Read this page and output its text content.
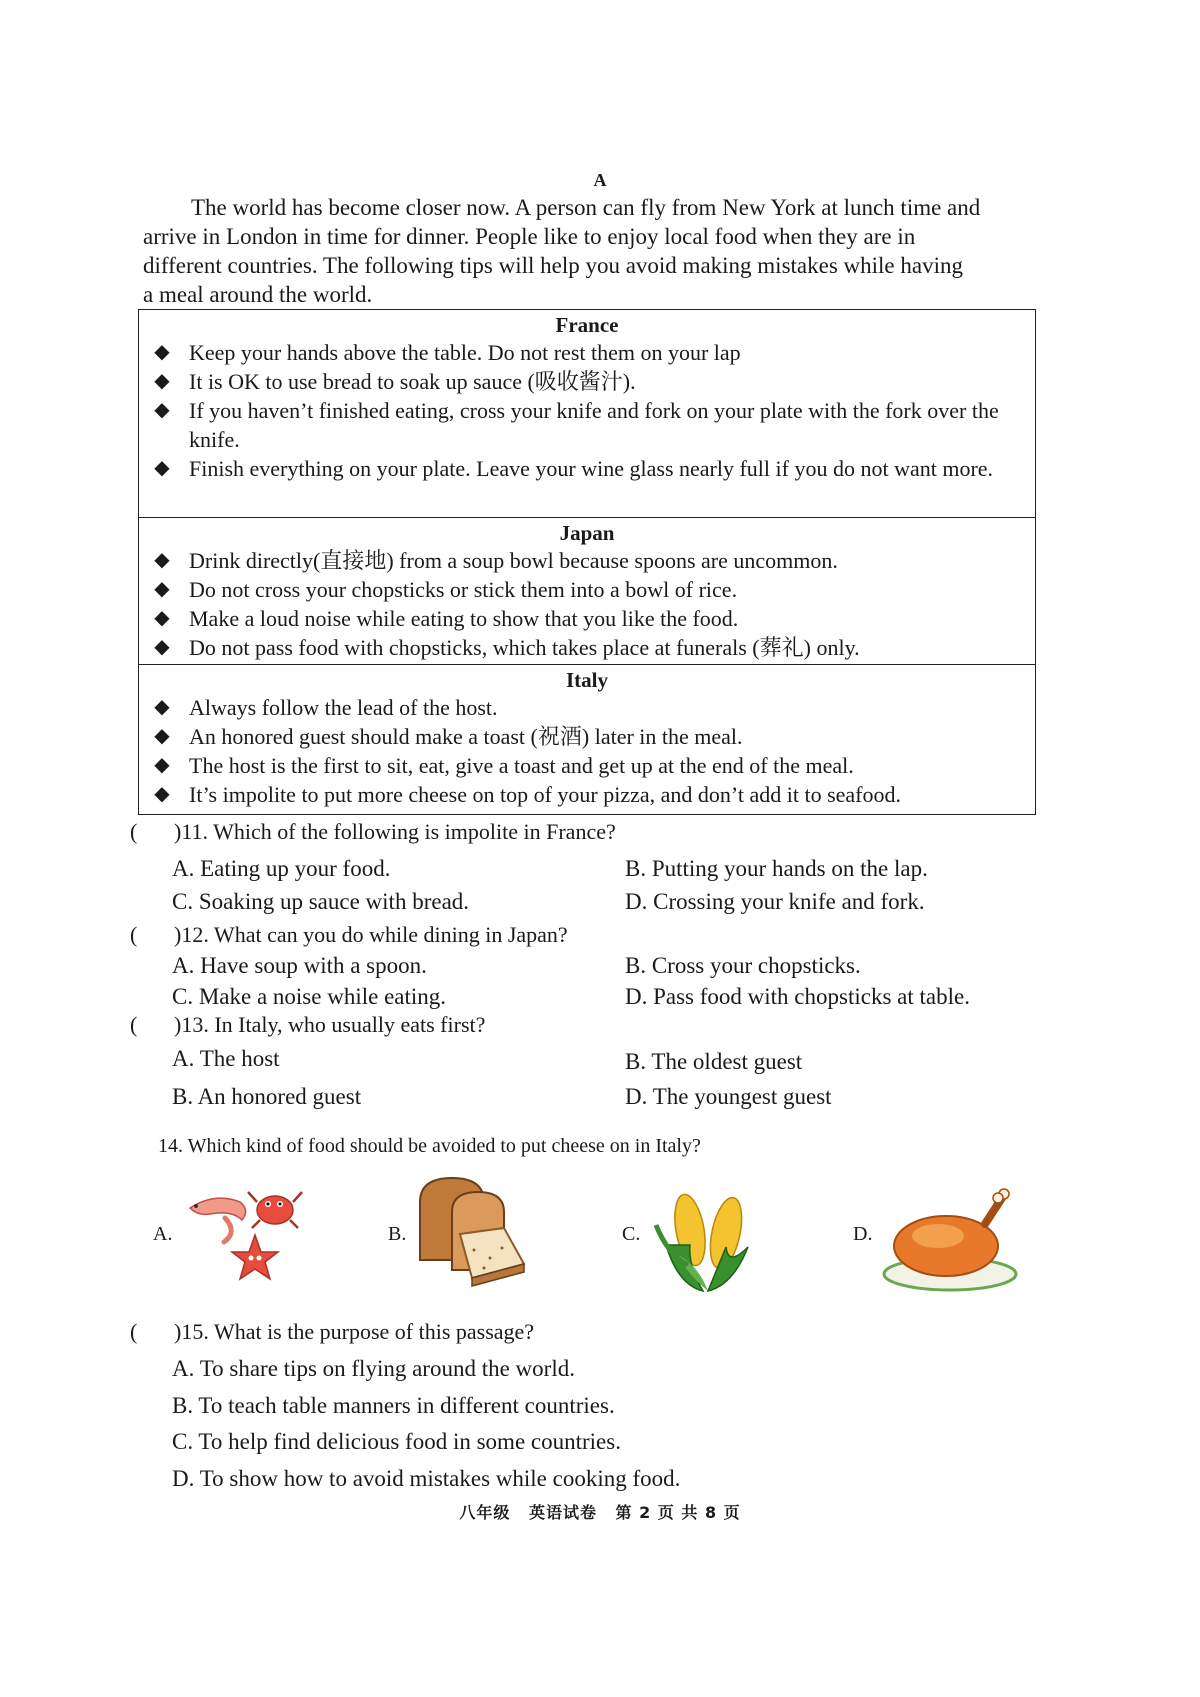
A
The world has become closer now. A person can fly from New York at lunch time and
arrive in London in time for dinner. People like to enjoy local food when they are in
different countries. The following tips will help you avoid making mistakes while having
a meal around the world.
France
◆ Keep your hands above the table. Do not rest them on your lap
◆ It is OK to use bread to soak up sauce (吸收酱汁).
◆ If you haven’t finished eating, cross your knife and fork on your plate with the fork over the knife.
◆ Finish everything on your plate. Leave your wine glass nearly full if you do not want more.
Japan
◆ Drink directly(直接地) from a soup bowl because spoons are uncommon.
◆ Do not cross your chopsticks or stick them into a bowl of rice.
◆ Make a loud noise while eating to show that you like the food.
◆ Do not pass food with chopsticks, which takes place at funerals (葬礼) only.
Italy
◆ Always follow the lead of the host.
◆ An honored guest should make a toast (祝酒) later in the meal.
◆ The host is the first to sit, eat, give a toast and get up at the end of the meal.
◆ It’s impolite to put more cheese on top of your pizza, and don’t add it to seafood.
( )11. Which of the following is impolite in France?
A. Eating up your food.	B. Putting your hands on the lap.
C. Soaking up sauce with bread.	D. Crossing your knife and fork.
( )12. What can you do while dining in Japan?
A. Have soup with a spoon.	B. Cross your chopsticks.
C. Make a noise while eating.	D. Pass food with chopsticks at table.
( )13. In Italy, who usually eats first?
A. The host	B. The oldest guest
B. An honored guest	D. The youngest guest
14. Which kind of food should be avoided to put cheese on in Italy?
A.	B.	C.	D.
( )15. What is the purpose of this passage?
A. To share tips on flying around the world.
B. To teach table manners in different countries.
C. To help find delicious food in some countries.
D. To show how to avoid mistakes while cooking food.
八年级 英语试卷 第 2 页 共 8 页
